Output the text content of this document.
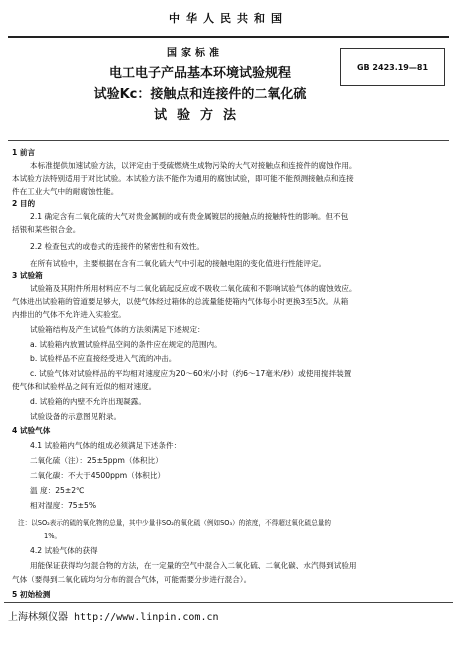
中华人民共和国
国家标准
电工电子产品基本环境试验规程
试验Kc：接触点和连接件的二氧化硫
试验方法
GB 2423.19—81
1 前言
本标准提供加速试验方法，以评定由于受硫燃烧生成物污染的大气对接触点和连接件的腐蚀作用。
本试验方法特别适用于对比试验。本试验方法不能作为通用的腐蚀试验，即可能不能预测接触点和连接
件在工业大气中的耐腐蚀性能。
2 目的
2.1 确定含有二氧化硫的大气对贵金属制的或有贵金属镀层的接触点的接触特性的影响。但不包
括银和某些银合金。
2.2 检查包式的或卷式的连接件的紧密性和有效性。
在所有试验中，主要根据在含有二氧化硫大气中引起的接触电阻的变化值进行性能评定。
3 试验箱
试验箱及其附件所用材料应不与二氧化硫起反应或不吸收二氧化硫和不影响试验气体的腐蚀效应。
气体进出试验箱的管道要足够大，以使气体经过箱体的总流量能使箱内气体每小时更换3至5次。从箱
内排出的气体不允许进入实验室。
试验箱结构及产生试验气体的方法须满足下述规定：
a. 试验箱内放置试验样品空间的条件应在规定的范围内。
b. 试验样品不应直接经受进入气流的冲击。
c. 试验气体对试验样品的平均相对速度应为20～60米/小时（约6～17毫米/秒）或使用搅拌装置
使气体和试验样品之间有近似的相对速度。
d. 试验箱的内壁不允许出现凝露。
试验设备的示意图见附录。
4 试验气体
4.1 试验箱内气体的组成必须满足下述条件：
二氧化硫（注）：25±5ppm（体积比）
二氧化碳：不大于4500ppm（体积比）
温 度：25±2℃
相对湿度：75±5%
注：以SO₂表示的硫的氧化物的总量，其中少量非SO₂的氧化硫（例如SO₃）的浓度，不得超过氧化硫总量的
1%。
4.2 试验气体的获得
用能保证获得均匀混合物的方法，在一定量的空气中混合入二氧化硫、二氧化碳、水汽得到试验用
气体（要得到二氧化硫均匀分布的混合气体，可能需要分步进行混合）。
5 初始检测
上海林频仪器 http://www.linpin.com.cn
